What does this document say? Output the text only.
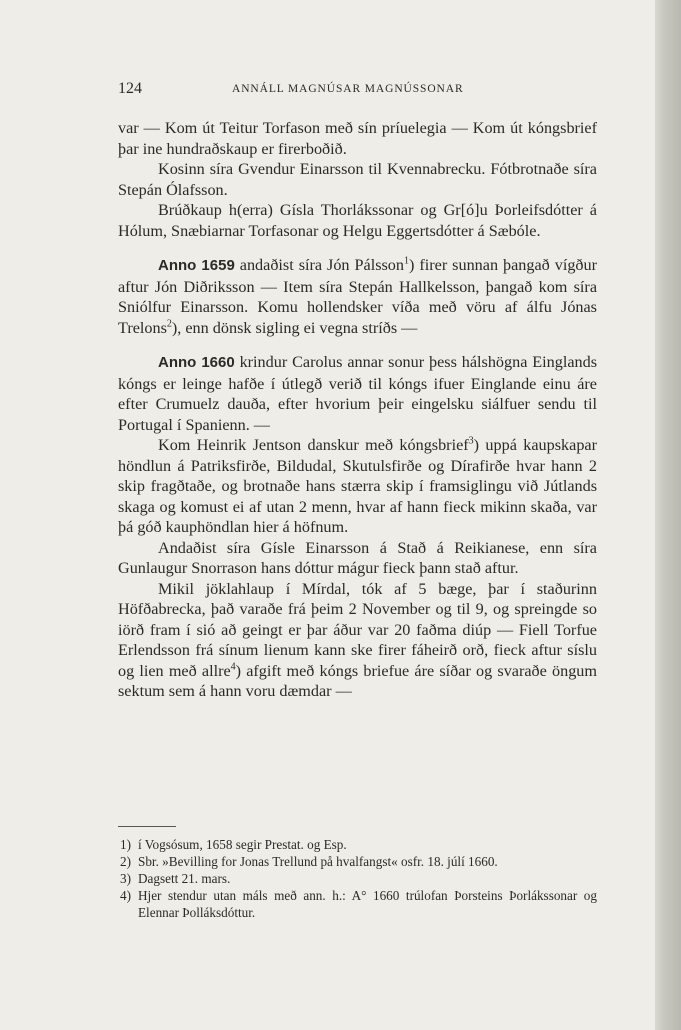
124	ANNÁLL MAGNÚSAR MAGNÚSSONAR

var — Kom út Teitur Torfason með sín príuelegia — Kom út kóngsbrief þar ine hundraðskaup er firerboðið.

Kosinn síra Gvendur Einarsson til Kvennabrecku. Fótbrotnaðe síra Stepán Ólafsson.

Brúðkaup h(erra) Gísla Thorlákssonar og Gr[ó]u Þorleifsdótter á Hólum, Snæbiarnar Torfasonar og Helgu Eggertsdótter á Sæbóle.

Anno 1659 andaðist síra Jón Pálsson$^1$) firer sunnan þangað vígður aftur Jón Diðriksson — Item síra Stepán Hallkelsson, þangað kom síra Sniólfur Einarsson. Komu hollendsker víða með vöru af álfu Jónas Trelons$^2$), enn dönsk sigling ei vegna stríðs —

Anno 1660 krindur Carolus annar sonur þess hálshögna Einglands kóngs er leinge hafðe í útlegð verið til kóngs ifuer Einglande einu áre efter Crumuelz dauða, efter hvorium þeir eingelsku siálfuer sendu til Portugal í Spanienn. —

Kom Heinrik Jentson danskur með kóngsbrief$^3$) uppá kaupskapar höndlun á Patriksfirðe, Bildudal, Skutulsfirðe og Dírafirðe hvar hann 2 skip fragðtaðe, og brotnaðe hans stærra skip í framsiglingu við Jútlands skaga og komust ei af utan 2 menn, hvar af hann fieck mikinn skaða, var þá góð kauphöndlan hier á höfnum.

Andaðist síra Gísle Einarsson á Stað á Reikianese, enn síra Gunlaugur Snorrason hans dóttur mágur fieck þann stað aftur.

Mikil jöklahlaup í Mírdal, tók af 5 bæge, þar í staðurinn Höfðabrecka, það varaðe frá þeim 2 November og til 9, og spreingde so iörð fram í sió að geingt er þar áður var 20 faðma diúp — Fiell Torfue Erlendsson frá sínum lienum kann ske firer fáheirð orð, fieck aftur síslu og lien með allre$^4$) afgift með kóngs briefue áre síðar og svaraðe öngum sektum sem á hann voru dæmdar —

1) í Vogsósum, 1658 segir Prestat. og Esp.
2) Sbr. »Bevilling for Jonas Trellund på hvalfangst« osfr. 18. júlí 1660.
3) Dagsett 21. mars.
4) Hjer stendur utan máls með ann. h.: A° 1660 trúlofan Þorsteins Þorlákssonar og Elennar Þolláksdóttur.
